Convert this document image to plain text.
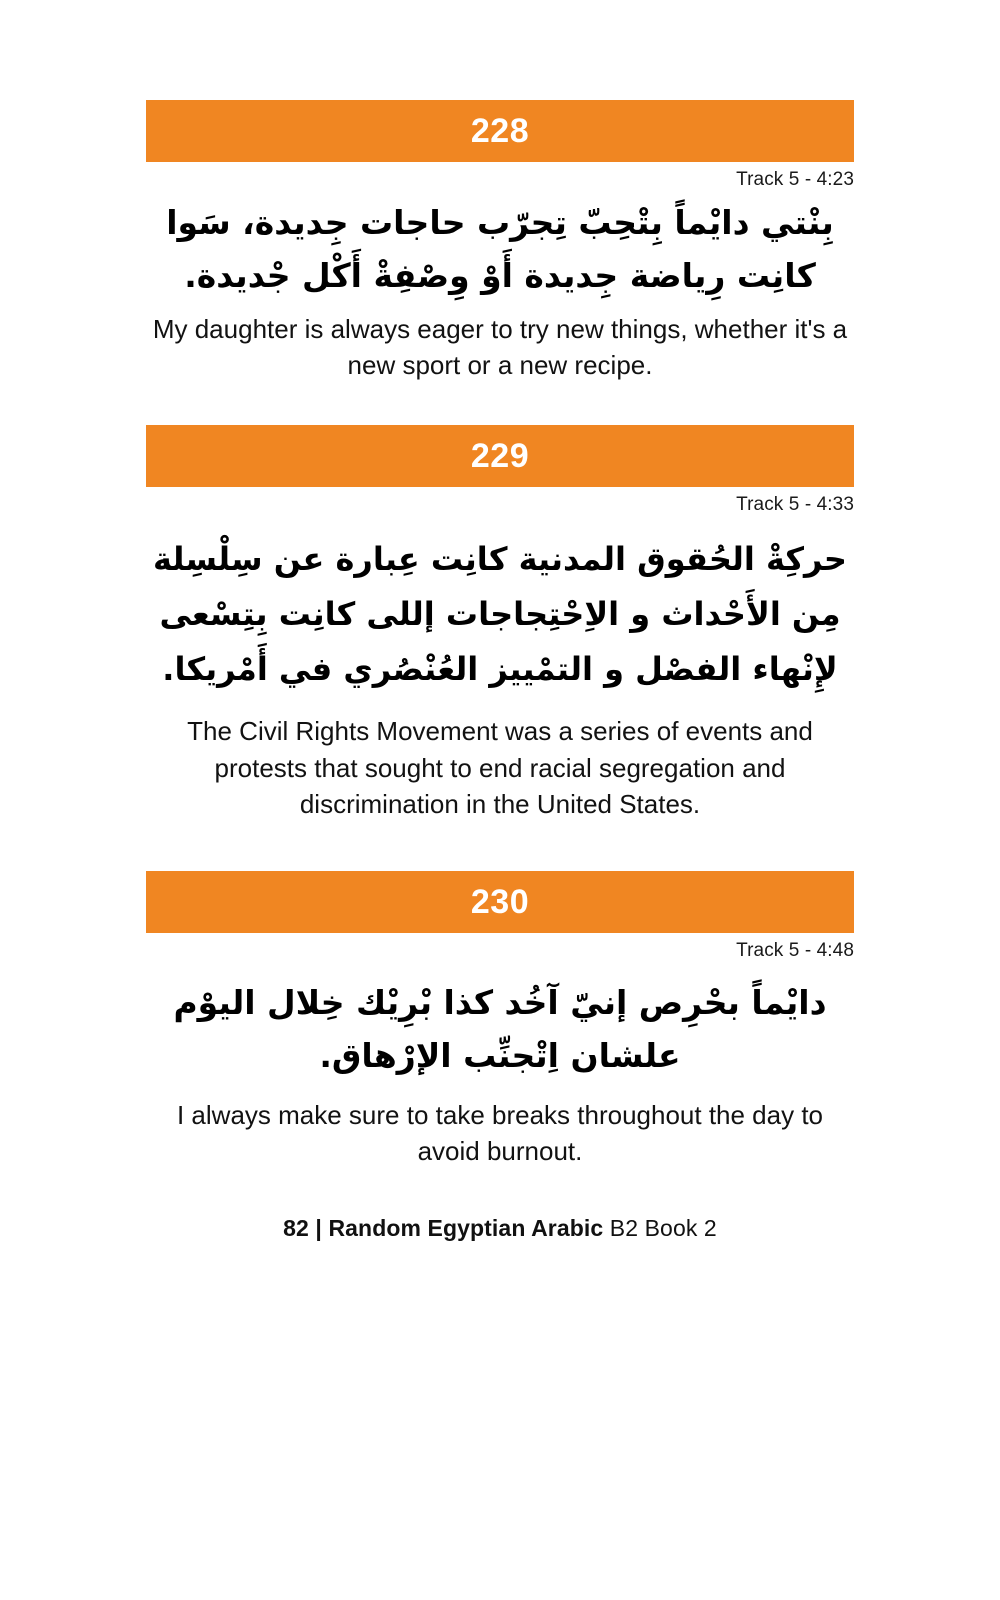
228
Track 5 - 4:23
بِنْتي دايْماً بِتْحِبّ تِجرّب حاجات جِديدة، سَوا كانِت رِياضة جِديدة أَوْ وِصْفِةْ أَكْل جْديدة.
My daughter is always eager to try new things, whether it's a new sport or a new recipe.
229
Track 5 - 4:33
حركِةْ الحُقوق المدنية كانِت عِبارة عن سِلْسِلة مِن الأَحْداث و الاِحْتِجاجات إللى كانِت بِتِسْعى لإِنْهاء الفصْل و التمْييز العُنْصُري في أَمْريكا.
The Civil Rights Movement was a series of events and protests that sought to end racial segregation and discrimination in the United States.
230
Track 5 - 4:48
دايْماً بحْرِص إنيّ آخُد كذا بْرِيْك خِلال اليوْم علشان اِتْجنِّب الإرْهاق.
I always make sure to take breaks throughout the day to avoid burnout.
82 | Random Egyptian Arabic B2 Book 2
